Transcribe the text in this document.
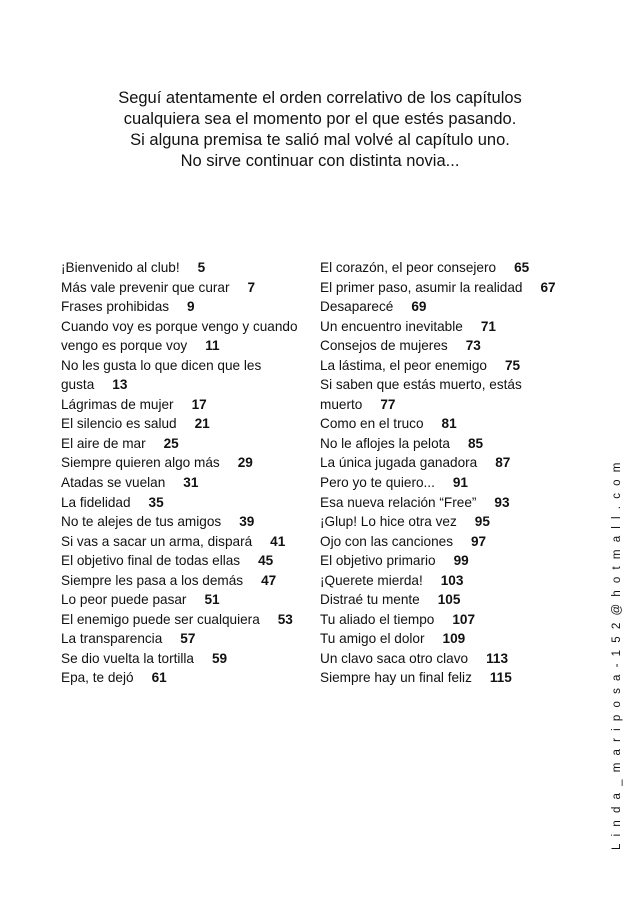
Seguí atentamente el orden correlativo de los capítulos

cualquiera sea el momento por el que estés pasando.

Si alguna premisa te salió mal volvé al capítulo uno.

No sirve continuar con distinta novia...

¡Bienvenido al club! 5
Más vale prevenir que curar 7
Frases prohibidas 9
Cuando voy es porque vengo y cuando
vengo es porque voy 11
No les gusta lo que dicen que les
gusta 13
Lágrimas de mujer 17
El silencio es salud 21
El aire de mar 25
Siempre quieren algo más 29
Atadas se vuelan 31
La fidelidad 35
No te alejes de tus amigos 39
Si vas a sacar un arma, dispará 41
El objetivo final de todas ellas 45
Siempre les pasa a los demás 47
Lo peor puede pasar 51
El enemigo puede ser cualquiera 53
La transparencia 57
Se dio vuelta la tortilla 59
Epa, te dejó 61
El corazón, el peor consejero 65
El primer paso, asumir la realidad 67
Desaparecé 69
Un encuentro inevitable 71
Consejos de mujeres 73
La lástima, el peor enemigo 75
Si saben que estás muerto, estás
muerto 77
Como en el truco 81
No le aflojes la pelota 85
La única jugada ganadora 87
Pero yo te quiero... 91
Esa nueva relación “Free” 93
¡Glup! Lo hice otra vez 95
Ojo con las canciones 97
El objetivo primario 99
¡Querete mierda! 103
Distraé tu mente 105
Tu aliado el tiempo 107
Tu amigo el dolor 109
Un clavo saca otro clavo 113
Siempre hay un final feliz 115	Linda_mariposa-152@hotmall.com
